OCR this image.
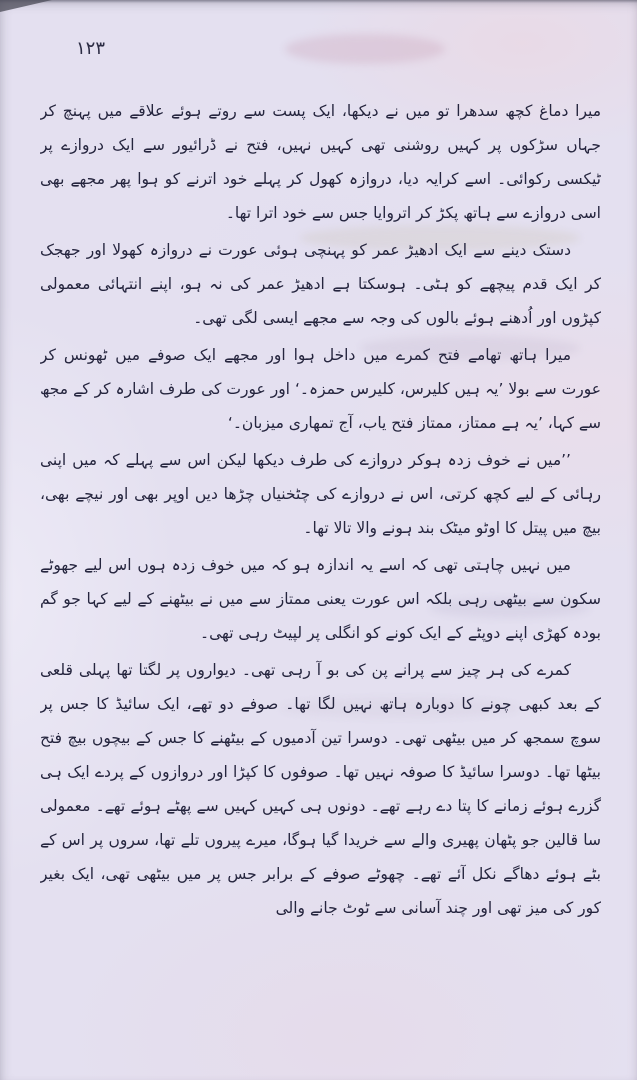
۱۲۳

میرا دماغ کچھ سدھرا تو میں نے دیکھا، ایک پست سے روتے ہوئے علاقے میں پہنچ کر جہاں سڑکوں پر کہیں روشنی تھی کہیں نہیں، فتح نے ڈرائیور سے ایک دروازے پر ٹیکسی رکوائی۔ اسے کرایہ دیا، دروازہ کھول کر پہلے خود اترنے کو ہوا پھر مجھے بھی اسی دروازے سے ہاتھ پکڑ کر اتروایا جس سے خود اترا تھا۔

دستک دینے سے ایک ادھیڑ عمر کو پہنچی ہوئی عورت نے دروازہ کھولا اور جھجک کر ایک قدم پیچھے کو ہٹی۔ ہوسکتا ہے ادھیڑ عمر کی نہ ہو، اپنے انتہائی معمولی کپڑوں اور اُدھنے ہوئے بالوں کی وجہ سے مجھے ایسی لگی تھی۔

میرا ہاتھ تھامے فتح کمرے میں داخل ہوا اور مجھے ایک صوفے میں ٹھونس کر عورت سے بولا ’یہ ہیں کلیرس، کلیرس حمزہ۔‘ اور عورت کی طرف اشارہ کر کے مجھ سے کہا، ’یہ ہے ممتاز، ممتاز فتح یاب، آج تمھاری میزبان۔‘

’’میں نے خوف زدہ ہوکر دروازے کی طرف دیکھا لیکن اس سے پہلے کہ میں اپنی رہائی کے لیے کچھ کرتی، اس نے دروازے کی چٹخنیاں چڑھا دیں اوپر بھی اور نیچے بھی، بیچ میں پیتل کا اوٹو میٹک بند ہونے والا تالا تھا۔

میں نہیں چاہتی تھی کہ اسے یہ اندازہ ہو کہ میں خوف زدہ ہوں اس لیے جھوٹے سکون سے بیٹھی رہی بلکہ اس عورت یعنی ممتاز سے میں نے بیٹھنے کے لیے کہا جو گم بودہ کھڑی اپنے دوپٹے کے ایک کونے کو انگلی پر لپیٹ رہی تھی۔

کمرے کی ہر چیز سے پرانے پن کی بو آ رہی تھی۔ دیواروں پر لگتا تھا پہلی قلعی کے بعد کبھی چونے کا دوبارہ ہاتھ نہیں لگا تھا۔ صوفے دو تھے، ایک سائیڈ کا جس پر سوچ سمجھ کر میں بیٹھی تھی۔ دوسرا تین آدمیوں کے بیٹھنے کا جس کے بیچوں بیچ فتح بیٹھا تھا۔ دوسرا سائیڈ کا صوفہ نہیں تھا۔ صوفوں کا کپڑا اور دروازوں کے پردے ایک ہی گزرے ہوئے زمانے کا پتا دے رہے تھے۔ دونوں ہی کہیں کہیں سے پھٹے ہوئے تھے۔ معمولی سا قالین جو پٹھان پھیری والے سے خریدا گیا ہوگا، میرے پیروں تلے تھا، سروں پر اس کے بٹے ہوئے دھاگے نکل آئے تھے۔ چھوٹے صوفے کے برابر جس پر میں بیٹھی تھی، ایک بغیر کور کی میز تھی اور چند آسانی سے ٹوٹ جانے والی
